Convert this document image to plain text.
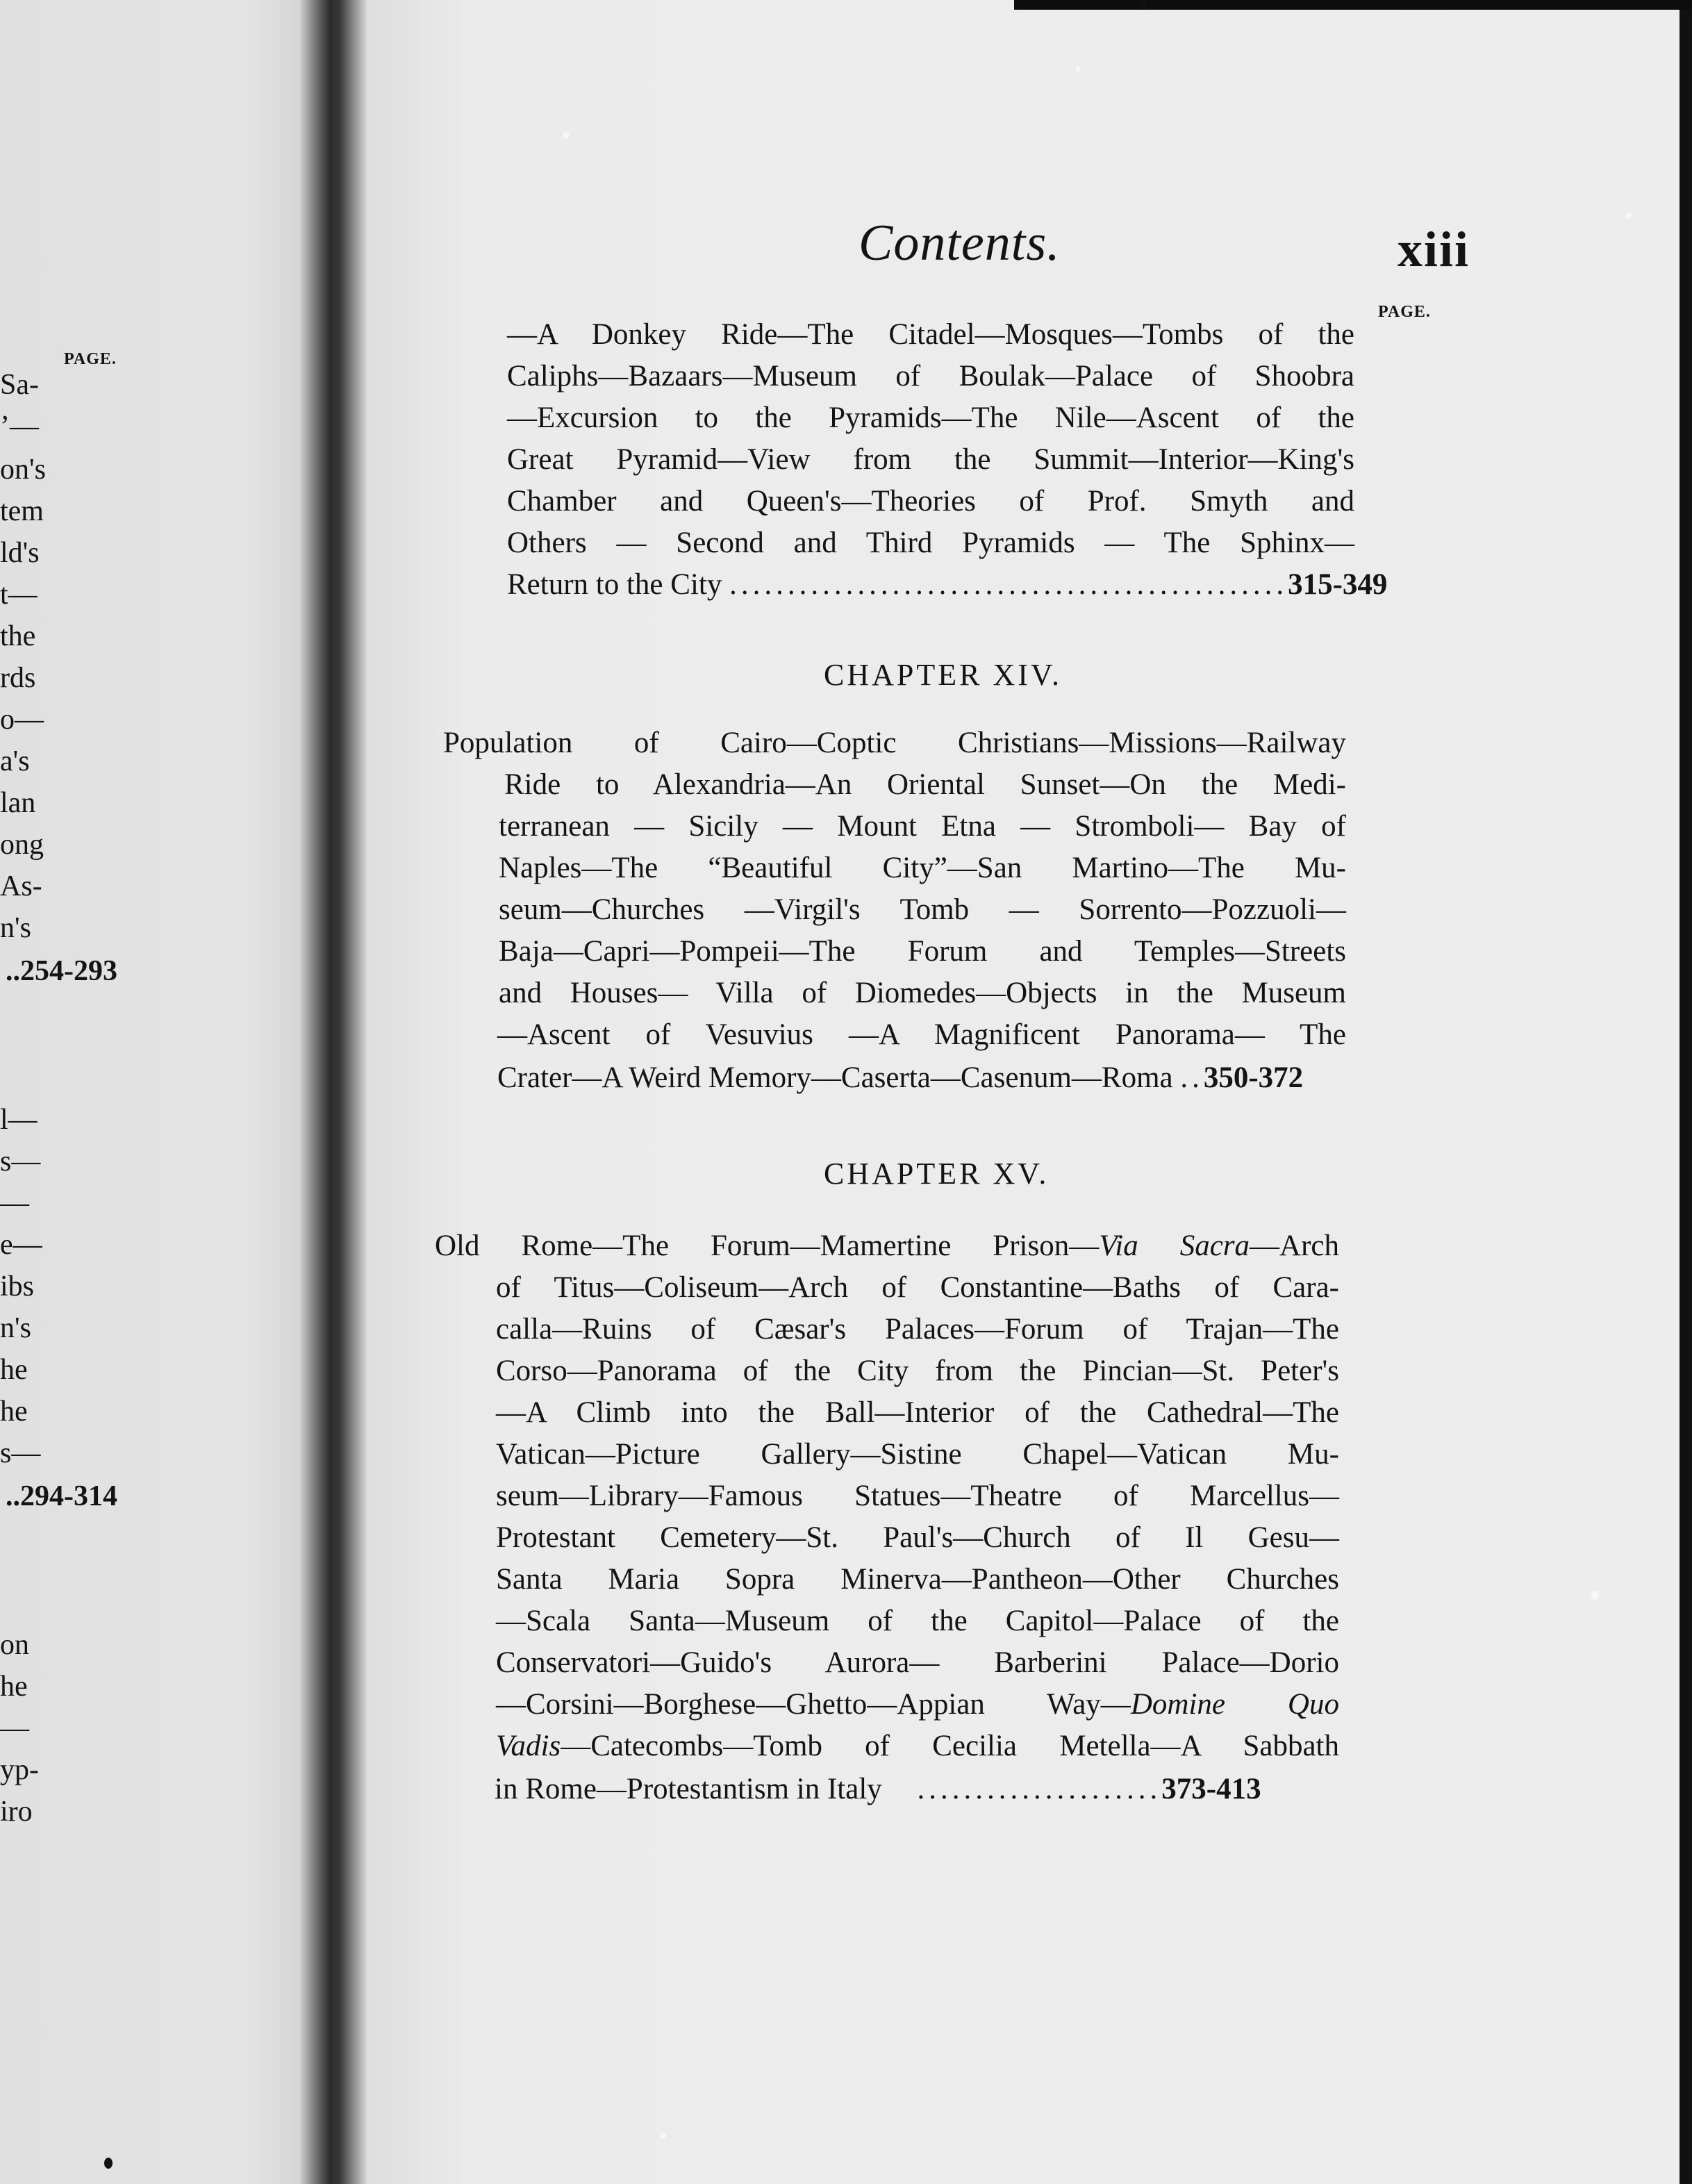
PAGE.
Sa-
’—
on's
tem
ld's
t—
the
rds
o—
a's
lan
ong
As-
n's
..254-293
l—
s—
—
e—
ibs
n's
he
he
s—
..294-314
on
he
—
yp-
iro
Contents.	xiii
PAGE.
—A Donkey Ride—The Citadel—Mosques—Tombs of the
Caliphs—Bazaars—Museum of Boulak—Palace of Shoobra
—Excursion to the Pyramids—The Nile—Ascent of the
Great Pyramid—View from the Summit—Interior—King's
Chamber and Queen's—Theories of Prof. Smyth and
Others — Second and Third Pyramids — The Sphinx—
Return to the City ................................................315-349
CHAPTER XIV.
Population of Cairo—Coptic Christians—Missions—Railway
Ride to Alexandria—An Oriental Sunset—On the Medi-
terranean — Sicily — Mount Etna — Stromboli— Bay of
Naples—The “Beautiful City”—San Martino—The Mu-
seum—Churches —Virgil's Tomb — Sorrento—Pozzuoli—
Baja—Capri—Pompeii—The Forum and Temples—Streets
and Houses— Villa of Diomedes—Objects in the Museum
—Ascent of Vesuvius —A Magnificent Panorama— The
Crater—A Weird Memory—Caserta—Casenum—Roma ..350-372
CHAPTER XV.
Old Rome—The Forum—Mamertine Prison—Via Sacra—Arch
of Titus—Coliseum—Arch of Constantine—Baths of Cara-
calla—Ruins of Cæsar's Palaces—Forum of Trajan—The
Corso—Panorama of the City from the Pincian—St. Peter's
—A Climb into the Ball—Interior of the Cathedral—The
Vatican—Picture Gallery—Sistine Chapel—Vatican Mu-
seum—Library—Famous Statues—Theatre of Marcellus—
Protestant Cemetery—St. Paul's—Church of Il Gesu—
Santa Maria Sopra Minerva—Pantheon—Other Churches
—Scala Santa—Museum of the Capitol—Palace of the
Conservatori—Guido's Aurora— Barberini Palace—Dorio
—Corsini—Borghese—Ghetto—Appian Way—Domine Quo
Vadis—Catecombs—Tomb of Cecilia Metella—A Sabbath
in Rome—Protestantism in Italy .....................373-413
